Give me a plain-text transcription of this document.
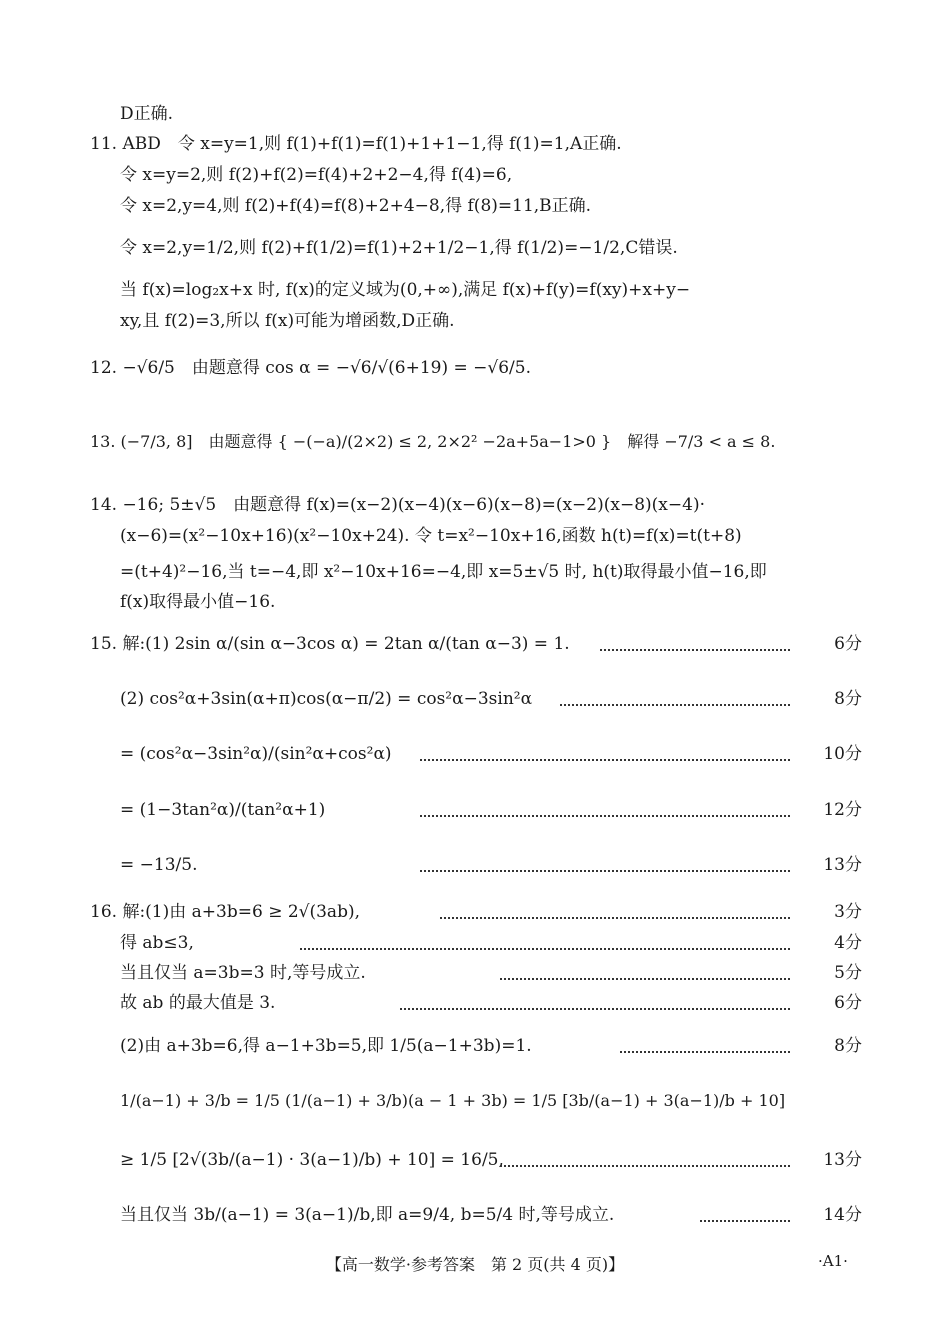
D正确.
11. ABD　令 x=y=1,则 f(1)+f(1)=f(1)+1+1−1,得 f(1)=1,A正确.
令 x=y=2,则 f(2)+f(2)=f(4)+2+2−4,得 f(4)=6,
令 x=2,y=4,则 f(2)+f(4)=f(8)+2+4−8,得 f(8)=11,B正确.
令 x=2,y=1/2,则 f(2)+f(1/2)=f(1)+2+1/2−1,得 f(1/2)=−1/2,C错误.
当 f(x)=log₂x+x 时, f(x)的定义域为(0,+∞),满足 f(x)+f(y)=f(xy)+x+y−
xy,且 f(2)=3,所以 f(x)可能为增函数,D正确.
12. −√6/5　由题意得 cos α = −√6/√(6+19) = −√6/5.
13. (−7/3, 8]　由题意得 { −(−a)/(2×2) ≤ 2, 2×2² −2a+5a−1>0 }　解得 −7/3 < a ≤ 8.
14. −16; 5±√5　由题意得 f(x)=(x−2)(x−4)(x−6)(x−8)=(x−2)(x−8)(x−4)·
(x−6)=(x²−10x+16)(x²−10x+24). 令 t=x²−10x+16,函数 h(t)=f(x)=t(t+8)
=(t+4)²−16,当 t=−4,即 x²−10x+16=−4,即 x=5±√5 时, h(t)取得最小值−16,即
f(x)取得最小值−16.
15. 解:(1) 2sin α/(sin α−3cos α) = 2tan α/(tan α−3) = 1.
(2) cos²α+3sin(α+π)cos(α−π/2) = cos²α−3sin²α
= (cos²α−3sin²α)/(sin²α+cos²α)
= (1−3tan²α)/(tan²α+1)
= −13/5.
16. 解:(1)由 a+3b=6 ≥ 2√(3ab),
得 ab≤3,
当且仅当 a=3b=3 时,等号成立.
故 ab 的最大值是 3.
(2)由 a+3b=6,得 a−1+3b=5,即 1/5(a−1+3b)=1.
1/(a−1) + 3/b = 1/5 (1/(a−1) + 3/b)(a − 1 + 3b) = 1/5 [3b/(a−1) + 3(a−1)/b + 10]
≥ 1/5 [2√(3b/(a−1) · 3(a−1)/b) + 10] = 16/5,
当且仅当 3b/(a−1) = 3(a−1)/b,即 a=9/4, b=5/4 时,等号成立.
6分
8分
10分
12分
13分
3分
4分
5分
6分
8分
13分
14分
【高一数学·参考答案　第 2 页(共 4 页)】	·A1·
